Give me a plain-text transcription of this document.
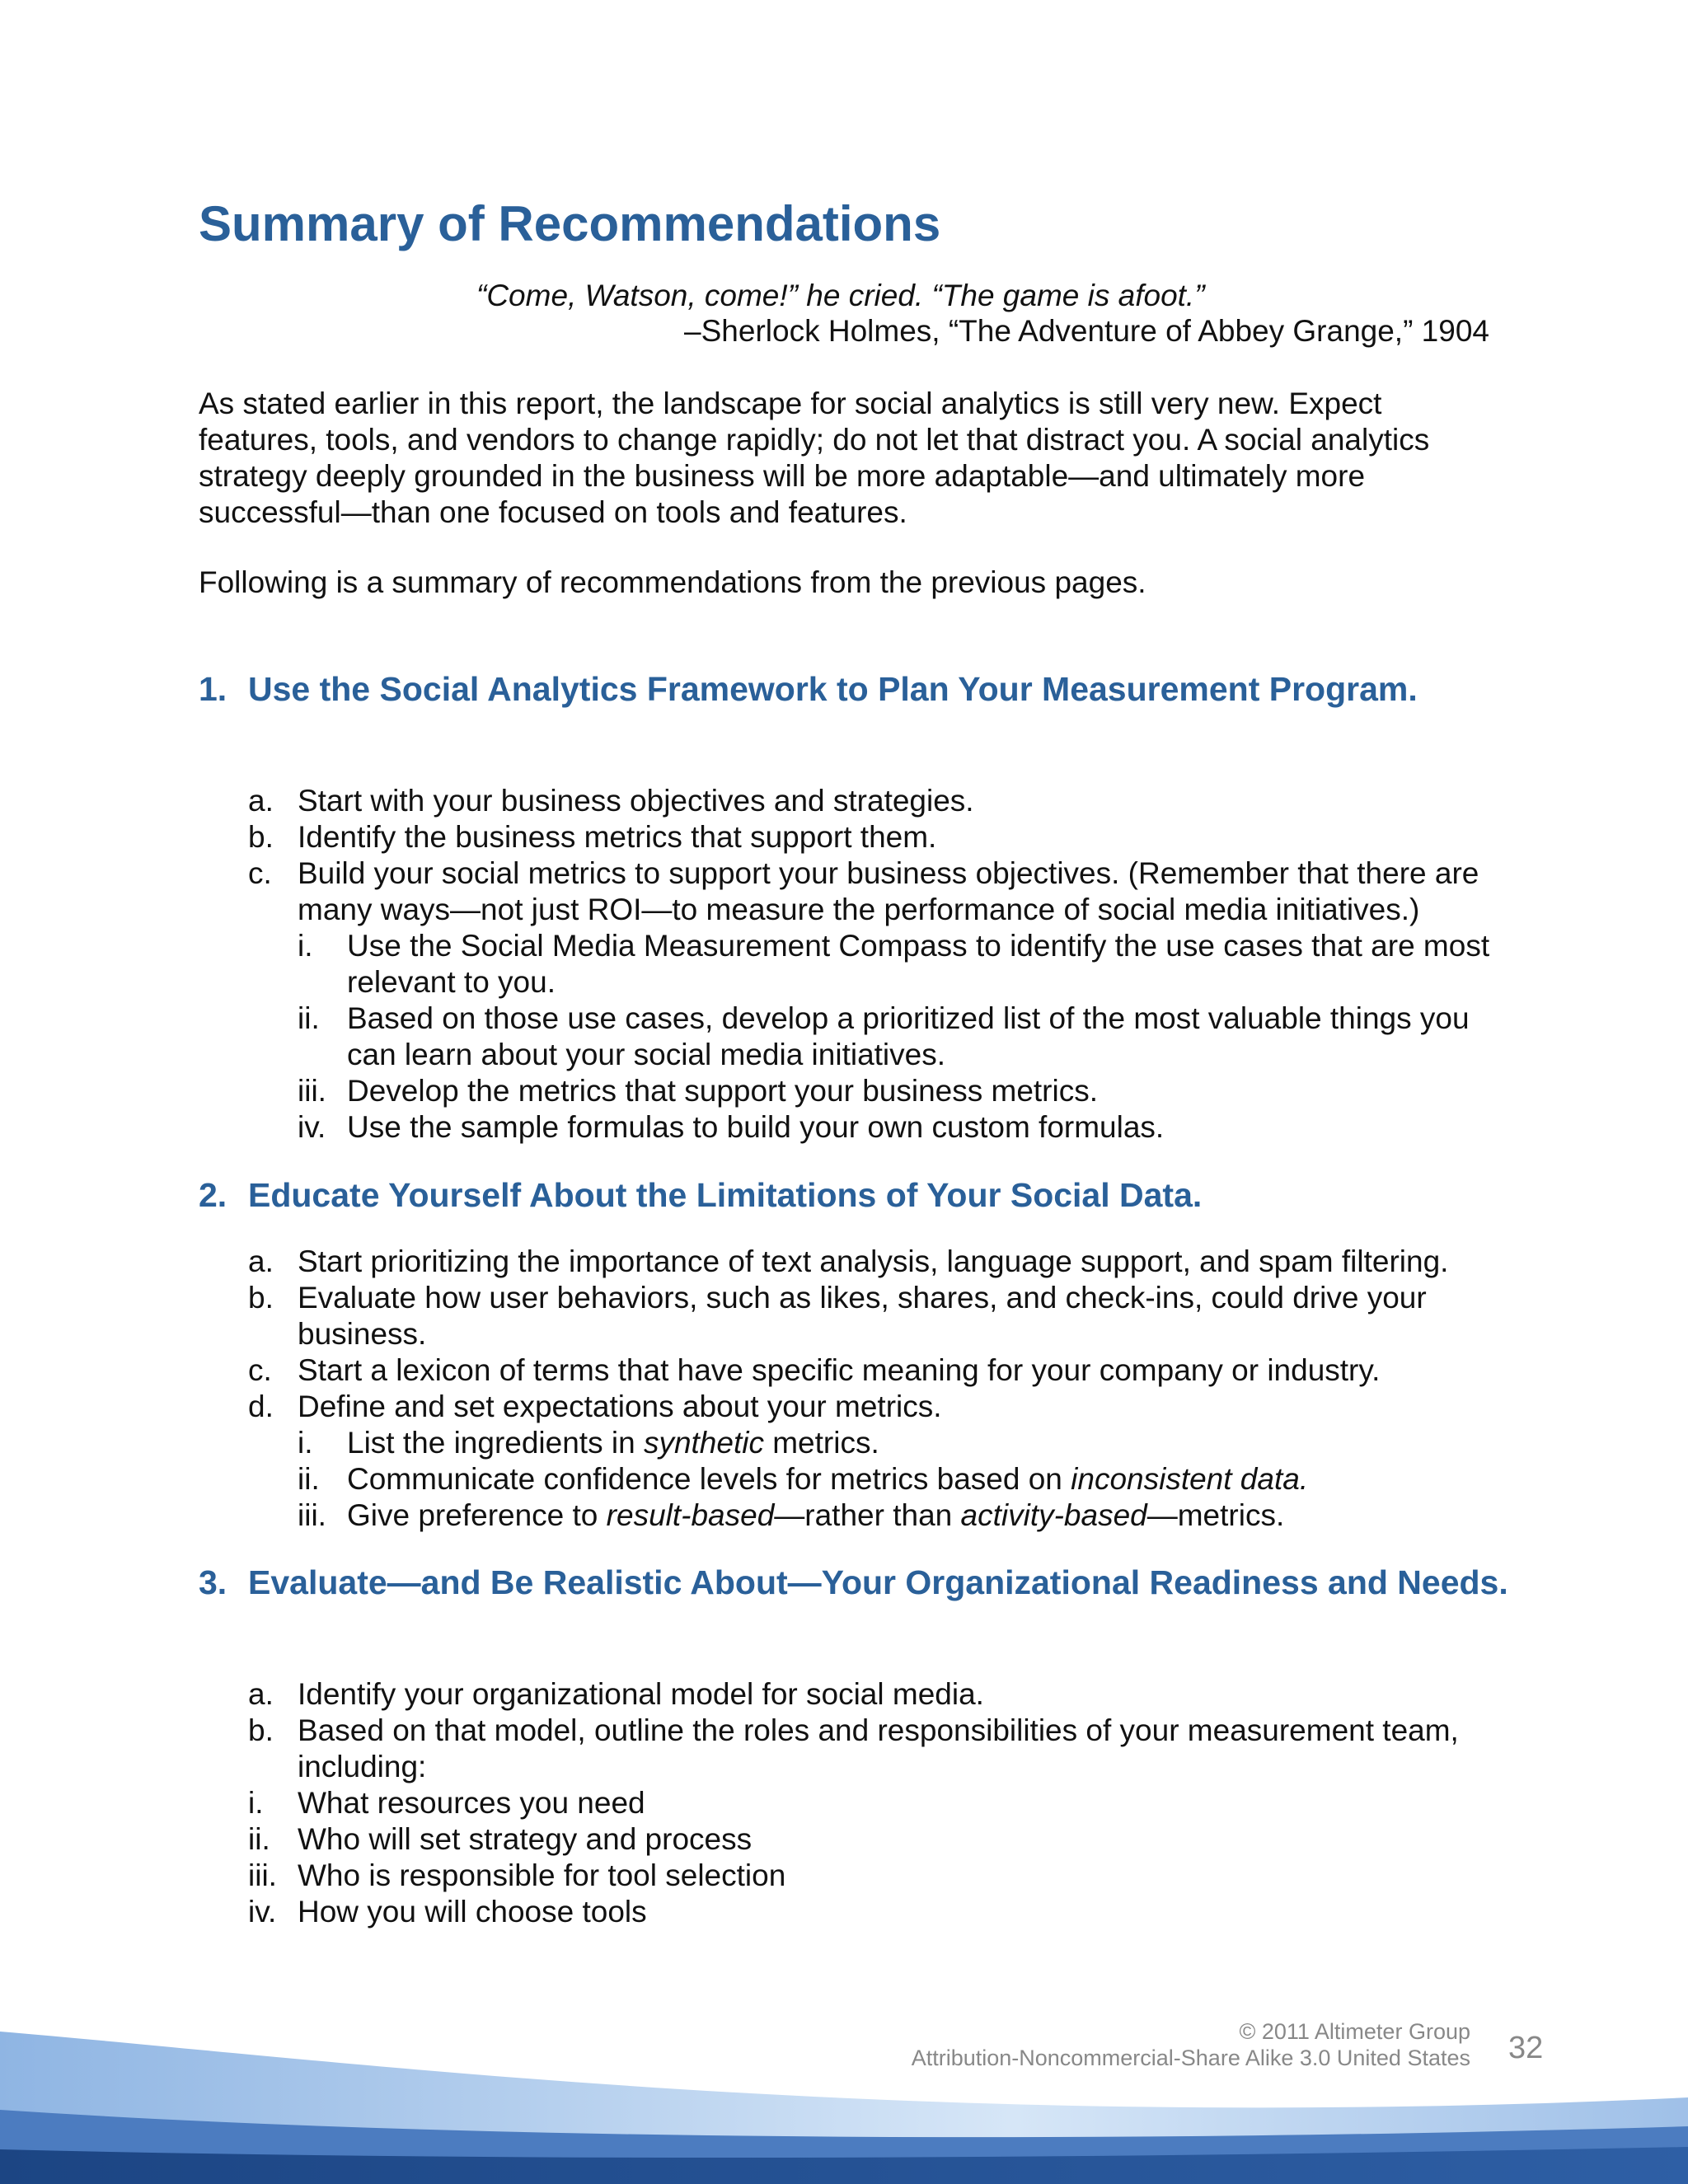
Summary of Recommendations
“Come, Watson, come!” he cried. “The game is afoot.”
–Sherlock Holmes, “The Adventure of Abbey Grange,” 1904

As stated earlier in this report, the landscape for social analytics is still very new. Expect features, tools, and vendors to change rapidly; do not let that distract you. A social analytics strategy deeply grounded in the business will be more adaptable—and ultimately more successful—than one focused on tools and features.

Following is a summary of recommendations from the previous pages.

1. Use the Social Analytics Framework to Plan Your Measurement Program.
a. Start with your business objectives and strategies.
b. Identify the business metrics that support them.
c. Build your social metrics to support your business objectives. (Remember that there are many ways—not just ROI—to measure the performance of social media initiatives.)
i.	Use the Social Media Measurement Compass to identify the use cases that are most relevant to you.
ii. Based on those use cases, develop a prioritized list of the most valuable things you can learn about your social media initiatives.
iii. Develop the metrics that support your business metrics.
iv. Use the sample formulas to build your own custom formulas.
2. Educate Yourself About the Limitations of Your Social Data.
a. Start prioritizing the importance of text analysis, language support, and spam filtering.
b. Evaluate how user behaviors, such as likes, shares, and check-ins, could drive your business.
c. Start a lexicon of terms that have specific meaning for your company or industry.
d. Define and set expectations about your metrics.
i.	List the ingredients in synthetic metrics.
ii. Communicate confidence levels for metrics based on inconsistent data.
iii. Give preference to result-based—rather than activity-based—metrics.
3. Evaluate—and Be Realistic About—Your Organizational Readiness and Needs.
a. Identify your organizational model for social media.
b. Based on that model, outline the roles and responsibilities of your measurement team, including:
i.	What resources you need
ii. Who will set strategy and process
iii. Who is responsible for tool selection
iv. How you will choose tools
© 2011 Altimeter Group
Attribution-Noncommercial-Share Alike 3.0 United States 32
